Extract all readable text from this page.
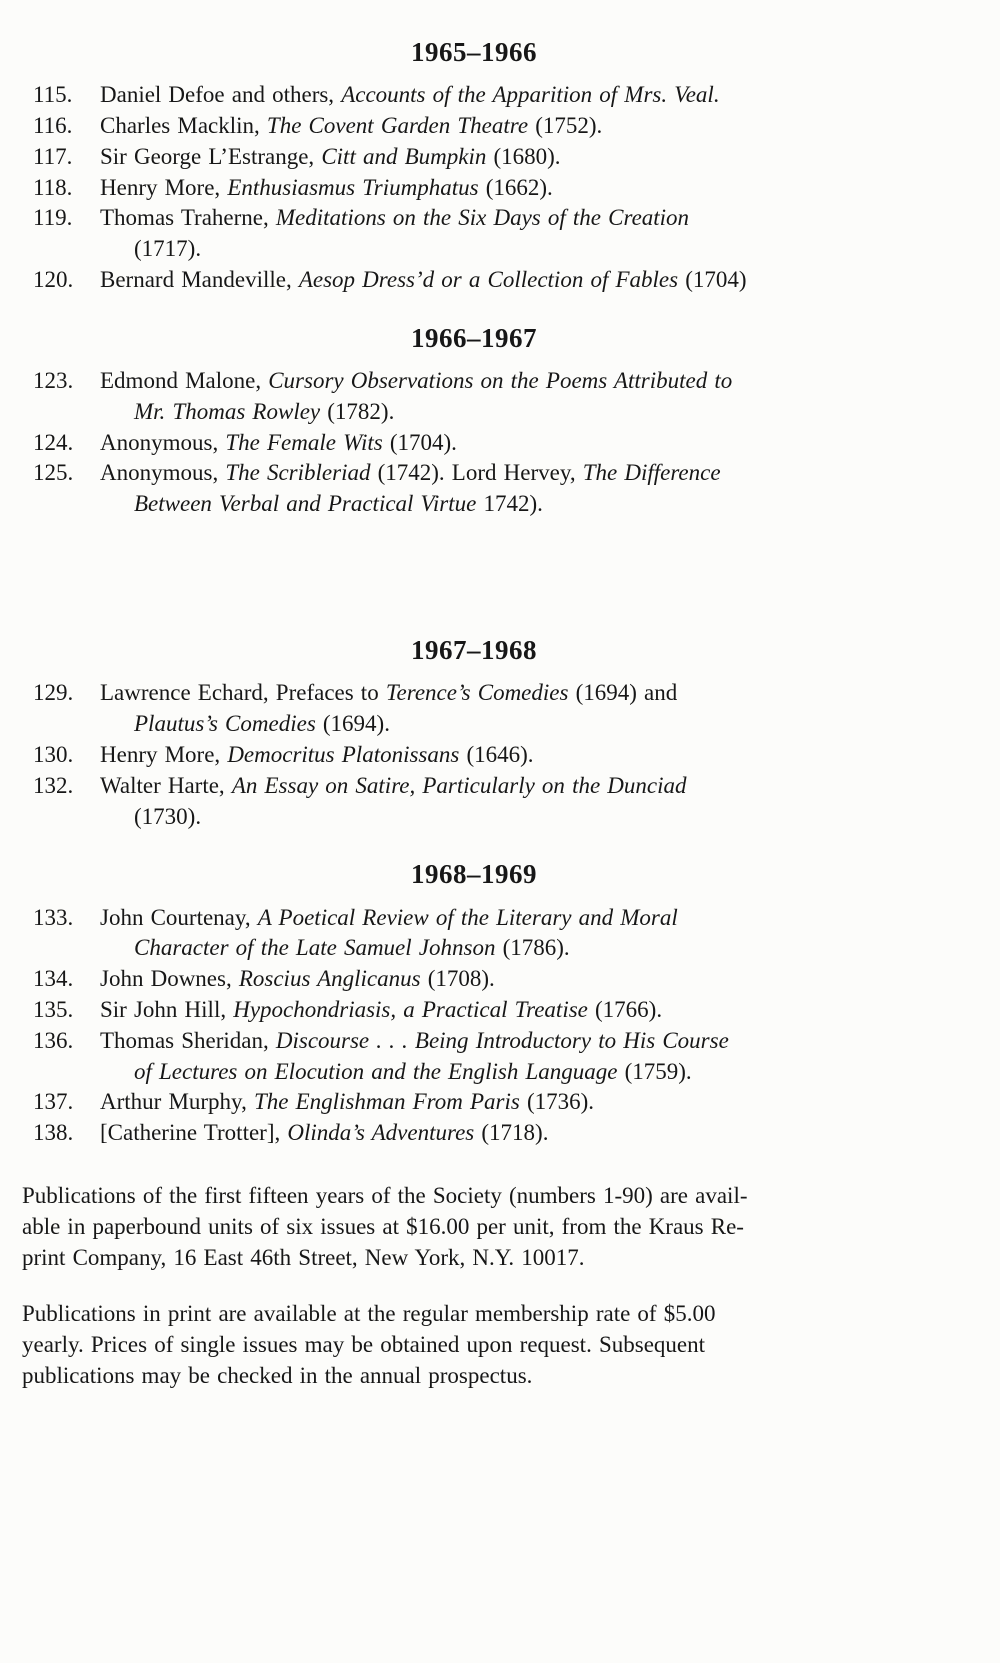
1965–1966
115.	Daniel Defoe and others, Accounts of the Apparition of Mrs. Veal.
116.	Charles Macklin, The Covent Garden Theatre (1752).
117.	Sir George L’Estrange, Citt and Bumpkin (1680).
118.	Henry More, Enthusiasmus Triumphatus (1662).
119.	Thomas Traherne, Meditations on the Six Days of the Creation
(1717).
120.	Bernard Mandeville, Aesop Dress’d or a Collection of Fables (1704)
1966–1967
123.	Edmond Malone, Cursory Observations on the Poems Attributed to
Mr. Thomas Rowley (1782).
124.	Anonymous, The Female Wits (1704).
125.	Anonymous, The Scribleriad (1742). Lord Hervey, The Difference
Between Verbal and Practical Virtue 1742).
1967–1968
129.	Lawrence Echard, Prefaces to Terence’s Comedies (1694) and
Plautus’s Comedies (1694).
130.	Henry More, Democritus Platonissans (1646).
132.	Walter Harte, An Essay on Satire, Particularly on the Dunciad
(1730).
1968–1969
133.	John Courtenay, A Poetical Review of the Literary and Moral
Character of the Late Samuel Johnson (1786).
134.	John Downes, Roscius Anglicanus (1708).
135.	Sir John Hill, Hypochondriasis, a Practical Treatise (1766).
136.	Thomas Sheridan, Discourse . . . Being Introductory to His Course
of Lectures on Elocution and the English Language (1759).
137.	Arthur Murphy, The Englishman From Paris (1736).
138.	[Catherine Trotter], Olinda’s Adventures (1718).

Publications of the first fifteen years of the Society (numbers 1-90) are avail-
able in paperbound units of six issues at $16.00 per unit, from the Kraus Re-
print Company, 16 East 46th Street, New York, N.Y. 10017.

Publications in print are available at the regular membership rate of $5.00
yearly. Prices of single issues may be obtained upon request. Subsequent
publications may be checked in the annual prospectus.
